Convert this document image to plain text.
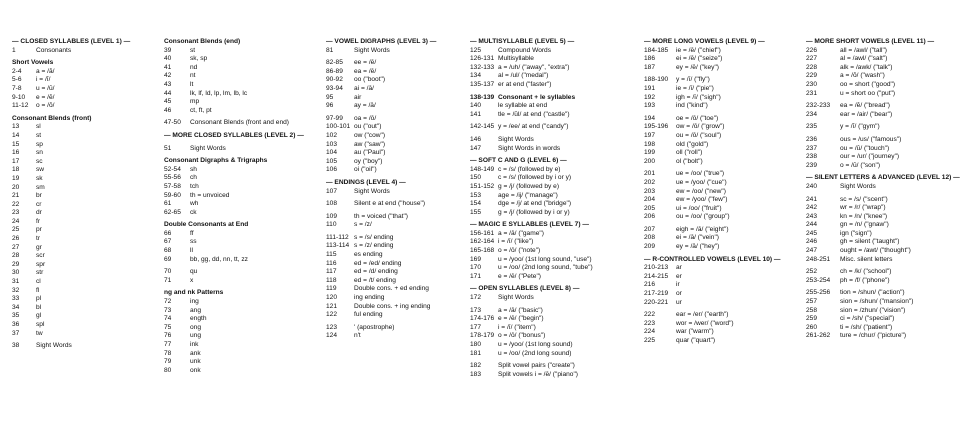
— CLOSED SYLLABLES (LEVEL 1) —
1	Consonants
Short Vowels
2-4	a = /ă/
5-6	i = /ĭ/
7-8	u = /ŭ/
9-10	e = /ĕ/
11-12	o = /ŏ/
Consonant Blends (front)
13	sl
14	st
15	sp
16	sn
17	sc
18	sw
19	sk
20	sm
21	br
22	cr
23	dr
24	fr
25	pr
26	tr
27	gr
28	scr
29	spr
30	str
31	cl
32	fl
33	pl
34	bl
35	gl
36	spl
37	tw
38	Sight Words
Consonant Blends (end)
39	st
40	sk, sp
41	nd
42	nt
43	lt
44	lk, lf, ld, lp, lm, lb, lc
45	mp
46	ct, ft, pt
47-50	Consonant Blends (front and end)
— MORE CLOSED SYLLABLES (LEVEL 2) —
51	Sight Words
Consonant Digraphs & Trigraphs
52-54	sh
55-56	ch
57-58	tch
59-60	th = unvoiced
61	wh
62-65	ck
Double Consonants at End
66	ff
67	ss
68	ll
69	bb, gg, dd, nn, tt, zz
70	qu
71	x
ng and nk Patterns
72	ing
73	ang
74	ength
75	ong
76	ung
77	ink
78	ank
79	unk
80	onk
— VOWEL DIGRAPHS (LEVEL 3) —
81	Sight Words
82-85	ee = /ē/
86-89	ea = /ē/
90-92	oo ("boot")
93-94	ai = /ā/
95	air
96	ay = /ā/
97-99	oa = /ō/
100-101 ou ("out")
102	ow ("cow")
103	aw ("saw")
104	au ("Paul")
105	oy ("boy")
106	oi ("oil")
— ENDINGS (LEVEL 4) —
107	Sight Words
108	Silent e at end ("house")
109	th = voiced ("that")
110	s = /z/
111-112 s = /s/ ending
113-114 s = /z/ ending
115	es ending
116	ed = /ed/ ending
117	ed = /d/ ending
118	ed = /t/ ending
119	Double cons. + ed ending
120	ing ending
121	Double cons. + ing ending
122	ful ending
123	' (apostrophe)
124	n't
— MULTISYLLABLE (LEVEL 5) —
125	Compound Words
126-131 Multisyllable
132-133 a = /uh/ ("away", "extra")
134	al = /ul/ ("medal")
135-137 er at end ("faster")
138-139 Consonant + le syllables
140	le syllable at end
141	tle = /ŭl/ at end ("castle")
142-145 y = /ee/ at end ("candy")
146	Sight Words
147	Sight Words in words
— SOFT C AND G (LEVEL 6) —
148-149 c = /s/ (followed by e)
150	c = /s/ (followed by i or y)
151-152 g = /j/ (followed by e)
153	age = /ij/ ("manage")
154	dge = /j/ at end ("bridge")
155	g = /j/ (followed by i or y)
— MAGIC E SYLLABLES (LEVEL 7) —
156-161 a = /ā/ ("game")
162-164 i = /ī/ ("like")
165-168 o = /ō/ ("note")
169	u = /yoo/ (1st long sound, "use")
170	u = /oo/ (2nd long sound, "tube")
171	e = /ē/ ("Pete")
— OPEN SYLLABLES (LEVEL 8) —
172	Sight Words
173	a = /ā/ ("basic")
174-176 e = /ē/ ("begin")
177	i = /ī/ ("item")
178-179 o = /ō/ ("bonus")
180	u = /yoo/ (1st long sound)
181	u = /oo/ (2nd long sound)
182	Split vowel pairs ("create")
183	Split vowels i = /ē/ ("piano")
— MORE LONG VOWELS (LEVEL 9) —
184-185	ie = /ē/ ("chief")
186	ei = /ē/ ("seize")
187	ey = /ē/ ("key")
188-190	y = /ī/ ("fly")
191	ie = /ī/ ("pie")
192	igh = /ī/ ("sigh")
193	ind ("kind")
194	oe = /ō/ ("toe")
195-196	ow = /ō/ ("grow")
197	ou = /ō/ ("soul")
198	old ("gold")
199	oll ("roll")
200	ol ("bolt")
201	ue = /oo/ ("true")
202	ue = /yoo/ ("cue")
203	ew = /oo/ ("new")
204	ew = /yoo/ ("few")
205	ui = /oo/ ("fruit")
206	ou = /oo/ ("group")
207	eigh = /ā/ ("eight")
208	ei = /ā/ ("vein")
209	ey = /ā/ ("hey")
— R-CONTROLLED VOWELS (LEVEL 10) —
210-213	ar
214-215	er
216	ir
217-219	or
220-221	ur
222	ear = /er/ ("earth")
223	wor = /wer/ ("word")
224	war ("warm")
225	quar ("quart")
— MORE SHORT VOWELS (LEVEL 11) —
226	all = /awl/ ("tall")
227	al = /awl/ ("salt")
228	alk = /awk/ ("talk")
229	a = /ŏ/ ("wash")
230	oo = short ("good")
231	u = short oo ("put")
232-233	ea = /ĕ/ ("bread")
234	ear = /air/ ("bear")
235	y = /ĭ/ ("gym")
236	ous = /us/ ("famous")
237	ou = /ŭ/ ("touch")
238	our = /ur/ ("journey")
239	o = /ŭ/ ("son")
— SILENT LETTERS & ADVANCED (LEVEL 12) —
240	Sight Words
241	sc = /s/ ("scent")
242	wr = /r/ ("wrap")
243	kn = /n/ ("knee")
244	gn = /n/ ("gnaw")
245	ign ("sign")
246	gh = silent ("taught")
247	ought = /awt/ ("thought")
248-251	Misc. silent letters
252	ch = /k/ ("school")
253-254	ph = /f/ ("phone")
255-256	tion = /shun/ ("action")
257	sion = /shun/ ("mansion")
258	sion = /zhun/ ("vision")
259	ci = /sh/ ("special")
260	ti = /sh/ ("patient")
261-262	ture = /chur/ ("picture")
